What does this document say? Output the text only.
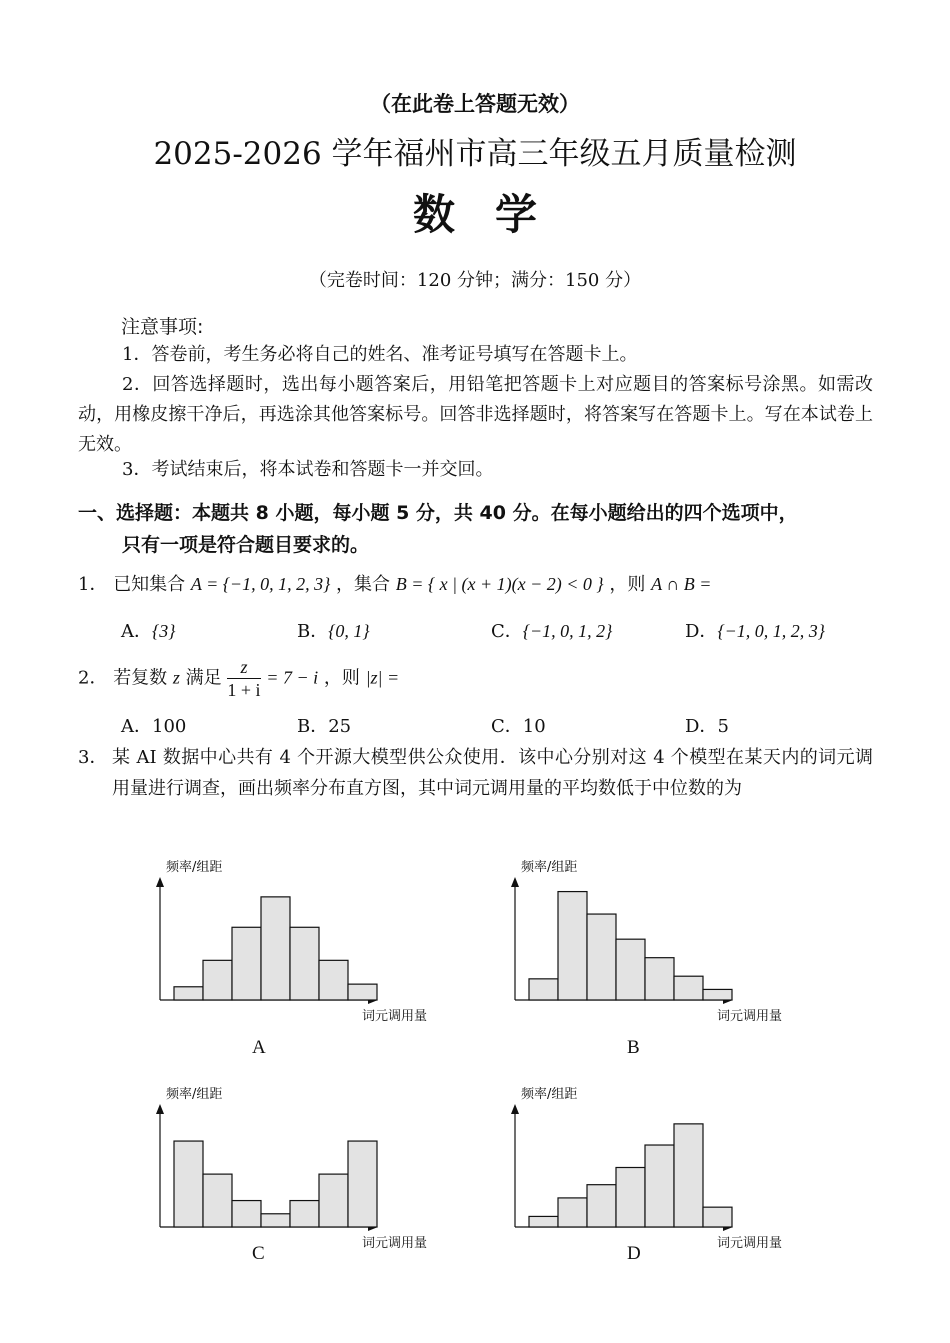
（在此卷上答题无效）
2025-2026 学年福州市高三年级五月质量检测
数学
（完卷时间：120 分钟；满分：150 分）
注意事项:
1．答卷前，考生务必将自己的姓名、准考证号填写在答题卡上。
2．回答选择题时，选出每小题答案后，用铅笔把答题卡上对应题目的答案标号涂黑。如需改动，用橡皮擦干净后，再选涂其他答案标号。回答非选择题时，将答案写在答题卡上。写在本试卷上无效。
3．考试结束后，将本试卷和答题卡一并交回。
一、选择题：本题共 8 小题，每小题 5 分，共 40 分。在每小题给出的四个选项中，
只有一项是符合题目要求的。
1． 已知集合 A = {−1, 0, 1, 2, 3} ，集合 B = { x | (x + 1)(x − 2) < 0 } ，则 A ∩ B =
A．{3}	B．{0, 1}	C．{−1, 0, 1, 2}	D．{−1, 0, 1, 2, 3}
2． 若复数 z 满足 $\frac{z}{1 + i} = 7 - i$ ，则 |z| =
A．100	B．25	C．10	D．5
3． 某 AI 数据中心共有 4 个开源大模型供公众使用．该中心分别对这 4 个模型在某天内的词元调用量进行调查，画出频率分布直方图，其中词元调用量的平均数低于中位数的为
频率/组距
词元调用量
频率/组距
词元调用量
频率/组距
词元调用量
频率/组距
词元调用量
A	B
C	D
